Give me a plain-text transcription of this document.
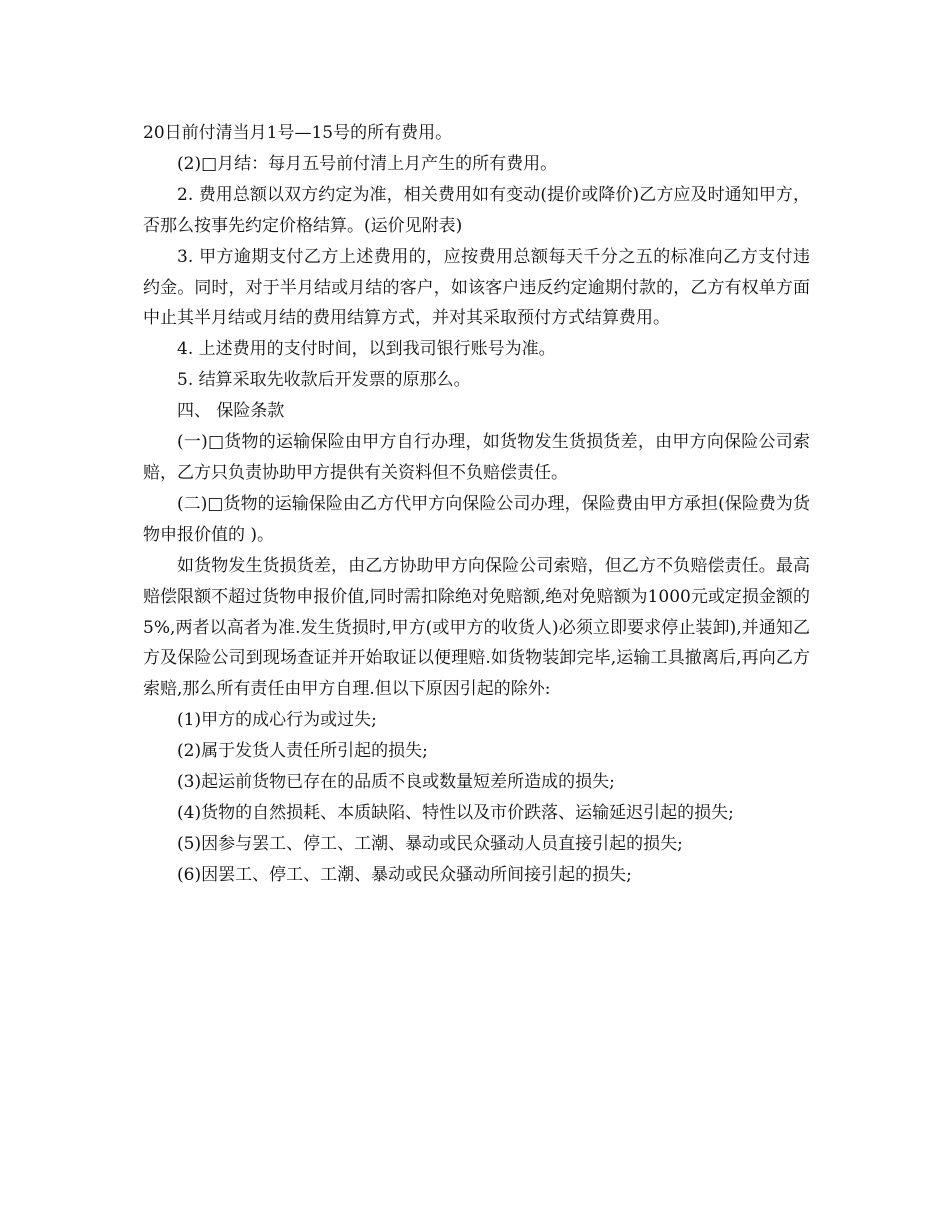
20日前付清当月1号—15号的所有费用。

(2)□月结：每月五号前付清上月产生的所有费用。

2. 费用总额以双方约定为准，相关费用如有变动(提价或降价)乙方应及时通知甲方，否那么按事先约定价格结算。(运价见附表)

3. 甲方逾期支付乙方上述费用的，应按费用总额每天千分之五的标准向乙方支付违约金。同时，对于半月结或月结的客户，如该客户违反约定逾期付款的，乙方有权单方面中止其半月结或月结的费用结算方式，并对其采取预付方式结算费用。

4. 上述费用的支付时间，以到我司银行账号为准。

5. 结算采取先收款后开发票的原那么。

四、 保险条款

(一)□货物的运输保险由甲方自行办理，如货物发生货损货差，由甲方向保险公司索赔，乙方只负责协助甲方提供有关资料但不负赔偿责任。

(二)□货物的运输保险由乙方代甲方向保险公司办理，保险费由甲方承担(保险费为货物申报价值的 )。

如货物发生货损货差，由乙方协助甲方向保险公司索赔，但乙方不负赔偿责任。最高赔偿限额不超过货物申报价值,同时需扣除绝对免赔额,绝对免赔额为1000元或定损金额的5%,两者以高者为准.发生货损时,甲方(或甲方的收货人)必须立即要求停止装卸),并通知乙方及保险公司到现场查证并开始取证以便理赔.如货物装卸完毕,运输工具撤离后,再向乙方索赔,那么所有责任由甲方自理.但以下原因引起的除外:

(1)甲方的成心行为或过失;

(2)属于发货人责任所引起的损失;

(3)起运前货物已存在的品质不良或数量短差所造成的损失;

(4)货物的自然损耗、本质缺陷、特性以及市价跌落、运输延迟引起的损失;

(5)因参与罢工、停工、工潮、暴动或民众骚动人员直接引起的损失;

(6)因罢工、停工、工潮、暴动或民众骚动所间接引起的损失;
